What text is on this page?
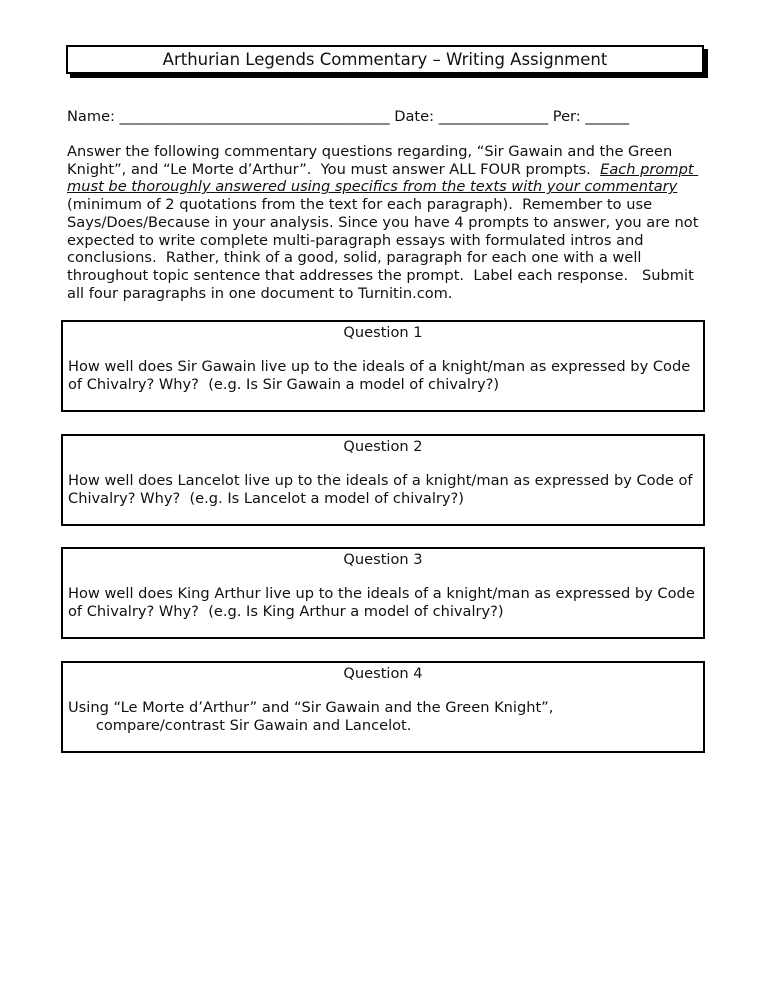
Arthurian Legends Commentary – Writing Assignment
Name: _____________________________________ Date: _______________ Per: ______
Answer the following commentary questions regarding, “Sir Gawain and the Green Knight”, and “Le Morte d’Arthur”.  You must answer ALL FOUR prompts.  Each prompt must be thoroughly answered using specifics from the texts with your commentary (minimum of 2 quotations from the text for each paragraph).  Remember to use Says/Does/Because in your analysis. Since you have 4 prompts to answer, you are not expected to write complete multi-paragraph essays with formulated intros and conclusions.  Rather, think of a good, solid, paragraph for each one with a well throughout topic sentence that addresses the prompt.  Label each response.   Submit all four paragraphs in one document to Turnitin.com.
Question 1
How well does Sir Gawain live up to the ideals of a knight/man as expressed by Code of Chivalry? Why?  (e.g. Is Sir Gawain a model of chivalry?)
Question 2
How well does Lancelot live up to the ideals of a knight/man as expressed by Code of Chivalry? Why?  (e.g. Is Lancelot a model of chivalry?)
Question 3
How well does King Arthur live up to the ideals of a knight/man as expressed by Code of Chivalry? Why?  (e.g. Is King Arthur a model of chivalry?)
Question 4
Using “Le Morte d’Arthur” and “Sir Gawain and the Green Knight”,
compare/contrast Sir Gawain and Lancelot.
